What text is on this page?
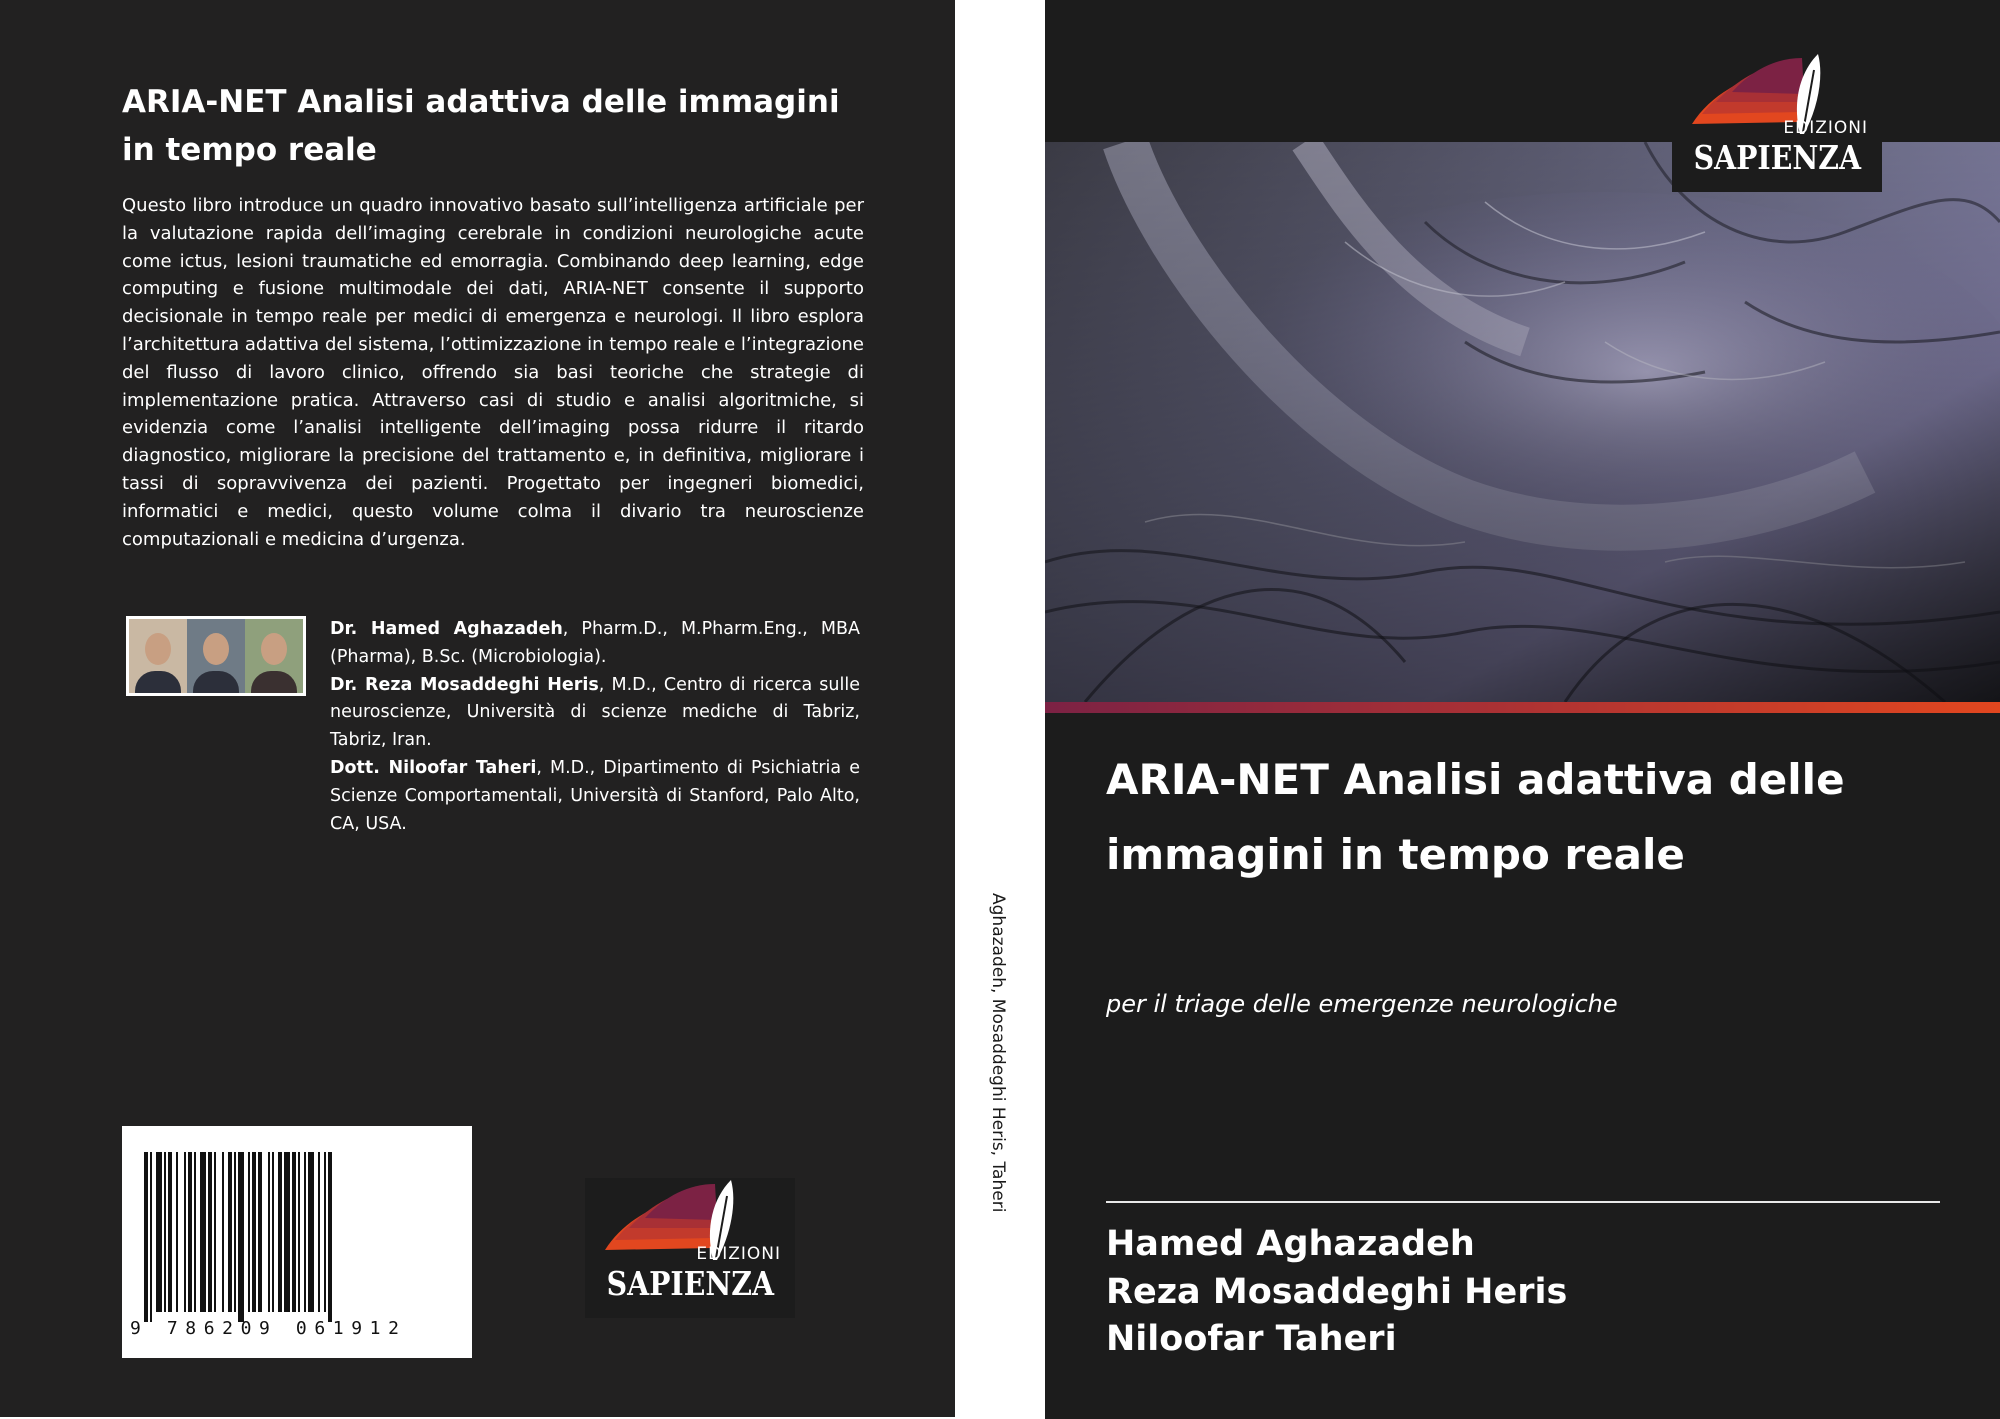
ARIA-NET Analisi adattiva delle immagini in tempo reale

Questo libro introduce un quadro innovativo basato sull’intelligenza artificiale per la valutazione rapida dell’imaging cerebrale in condizioni neurologiche acute come ictus, lesioni traumatiche ed emorragia. Combinando deep learning, edge computing e fusione multimodale dei dati, ARIA-NET consente il supporto decisionale in tempo reale per medici di emergenza e neurologi. Il libro esplora l’architettura adattiva del sistema, l’ottimizzazione in tempo reale e l’integrazione del flusso di lavoro clinico, offrendo sia basi teoriche che strategie di implementazione pratica. Attraverso casi di studio e analisi algoritmiche, si evidenzia come l’analisi intelligente dell’imaging possa ridurre il ritardo diagnostico, migliorare la precisione del trattamento e, in definitiva, migliorare i tassi di sopravvivenza dei pazienti. Progettato per ingegneri biomedici, informatici e medici, questo volume colma il divario tra neuroscienze computazionali e medicina d’urgenza.

Dr. Hamed Aghazadeh, Pharm.D., M.Pharm.Eng., MBA (Pharma), B.Sc. (Microbiologia).

Dr. Reza Mosaddeghi Heris, M.D., Centro di ricerca sulle neuroscienze, Università di scienze mediche di Tabriz, Tabriz, Iran.

Dott. Niloofar Taheri, M.D., Dipartimento di Psichiatria e Scienze Comportamentali, Università di Stanford, Palo Alto, CA, USA.

9 786209 061912
EDIZIONI
SAPIENZA
Aghazadeh, Mosaddeghi Heris, Taheri
ARIA-NET Analisi adattiva delle immagini in tempo reale

per il triage delle emergenze neurologiche

Hamed Aghazadeh
Reza Mosaddeghi Heris
Niloofar Taheri
EDIZIONI
SAPIENZA
